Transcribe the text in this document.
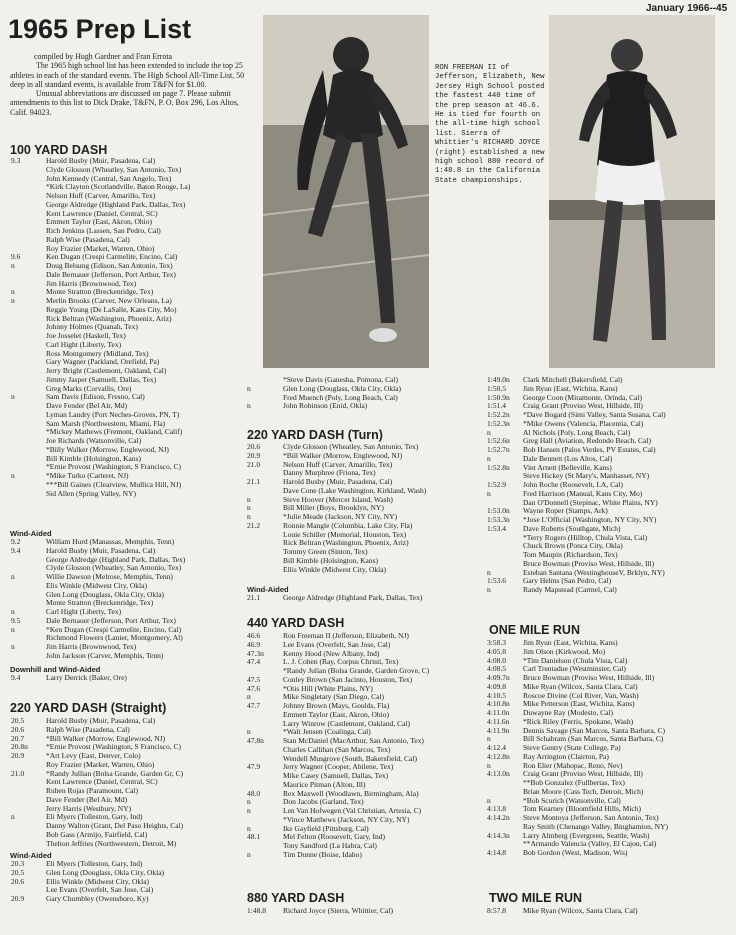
1965 Prep List
January 1966--45

compiled by Hugh Gardner and Fran Errota

The 1965 high school list has been extended to include the top 25 athletes in each of the standard events. The High School All-Time List, 50 deep in all standard events, is available from T&FN for $1.00.

Unusual abbreviations are discussed on page 7. Please submit amendments to this list to Dick Drake, T&FN, P. O. Box 296, Los Altos, Calif. 94023.

RON FREEMAN II of Jefferson, Elizabeth, New Jersey High School posted the fastest 440 time of the prep season at 46.6. He is tied for fourth on the all-time high school list. Sierra of Whittier's RICHARD JOYCE (right) established a new high school 880 record of 1:48.8 in the California State championships.
100 YARD DASH
9.3	Harold Busby (Muir, Pasadena, Cal)
Clyde Glosson (Wheatley, San Antonio, Tex)
John Kennedy (Central, San Angelo, Tex)
*Kirk Clayton (Scotlandville, Baton Rouge, La)
Nelson Huff (Carver, Amarillo, Tex)
George Aldredge (Highland Park, Dallas, Tex)
Kent Lawrence (Daniel, Central, SC)
Emmett Taylor (East, Akron, Ohio)
Rich Jenkins (Lassen, San Pedro, Cal)
Ralph Wise (Pasadena, Cal)
Roy Frazier (Market, Warren, Ohio)
9.6	Ken Dugan (Crespi Carmelite, Encino, Cal)
n	Doug Belsung (Edison, San Antonio, Tex)
Dale Bernauer (Jefferson, Port Arthur, Tex)
Jim Harris (Brownwood, Tex)
n	Monte Stratton (Breckenridge, Tex)
n	Merlin Brooks (Carver, New Orleans, La)
Reggie Young (De LaSalle, Kans City, Mo)
Rick Beltran (Washington, Phoenix, Ariz)
Johnny Holmes (Quanah, Tex)
Joe Josselet (Haskell, Tex)
Carl Hight (Liberty, Tex)
Ross Montgomery (Midland, Tex)
Gary Wagner (Parkland, Orefield, Pa)
Jerry Bright (Castlemont, Oakland, Cal)
Jimmy Jasper (Samuell, Dallas, Tex)
Greg Marks (Corvallis, Ore)
n	Sam Davis (Edison, Fresno, Cal)
Dave Fender (Bel Air, Md)
Lyman Landry (Port Neches-Groves, PN, T)
Sam Marsh (Northwestern, Miami, Fla)
*Mickey Mathews (Fremont, Oakland, Calif)
Joe Richards (Watsonville, Cal)
*Billy Walker (Morrow, Englewood, NJ)
Bill Kimble (Holsington, Kans)
*Ernie Provost (Washington, S Francisco, C)
n	*Mike Turko (Carteret, NJ)
***Bill Gaines (Clearview, Mullica Hill, NJ)
Sid Allen (Spring Valley, NY)
Wind-Aided
9.2	William Hurd (Manassas, Memphis, Tenn)
9.4	Harold Busby (Muir, Pasadena, Cal)
George Aldredge (Highland Park, Dallas, Tex)
Clyde Glosson (Wheatley, San Antonio, Tex)
n	Willie Dawson (Melrose, Memphis, Tenn)
Elis Winkle (Midwest City, Okla)
Glen Long (Douglass, Okla City, Okla)
Monte Stratton (Breckenridge, Tex)
n	Carl Hight (Liberty, Tex)
9.5	Dale Bernauer (Jefferson, Port Arthur, Tex)
n	*Ken Dugan (Crespi Carmelite, Encino, Cal)
Richmond Flowers (Lanier, Montgomery, Al)
n	Jim Harris (Brownwood, Tex)
John Jackson (Carver, Memphis, Tenn)
Downhill and Wind-Aided
9.4	Larry Derrick (Baker, Ore)
220 YARD DASH (Straight)
20.5	Harold Busby (Muir, Pasadena, Cal)
20.6	Ralph Wise (Pasadena, Cal)
20.7	*Bill Walker (Morrow, Englewood, NJ)
20.8n	*Ernie Provost (Washington, S Francisco, C)
20.9	*Art Levy (East, Denver, Colo)
Roy Frazier (Market, Warren, Ohio)
21.0	*Randy Jullian (Bolsa Grande, Garden Gr, C)
Kent Lawrence (Daniel, Central, SC)
Ruben Rojas (Paramount, Cal)
Dave Fender (Bel Air, Md)
Jerry Harris (Westbury, NY)
n	Eli Myers (Tolleston, Gary, Ind)
Danny Walton (Grant, Del Paso Heights, Cal)
Bob Gass (Armijo, Fairfield, Cal)
Thelton Jeffries (Northwestern, Detroit, M)
Wind-Aided
20.3	Eli Myers (Tolleston, Gary, Ind)
20.5	Glen Long (Douglass, Okla City, Okla)
20.6	Ellis Winkle (Midwest City, Okla)
Lee Evans (Overfelt, San Jose, Cal)
20.9	Gary Chumbley (Owensboro, Ky)
*Steve Davis (Ganesha, Pomona, Cal)
n	Glen Long (Douglass, Okla City, Okla)
Fred Muench (Poly, Long Beach, Cal)
n	John Robinson (Enid, Okla)
220 YARD DASH (Turn)
20.6	Clyde Glosson (Wheatley, San Antonio, Tex)
20.9	*Bill Walker (Morrow, Englewood, NJ)
21.0	Nelson Huff (Carver, Amarillo, Tex)
Danny Murphree (Friona, Tex)
21.1	Harold Busby (Muir, Pasadena, Cal)
Dave Cone (Lake Washington, Kirkland, Wash)
n	Steve Hoover (Mercer Island, Wash)
n	Bill Miller (Boys, Brooklyn, NY)
n	*Julie Meade (Jackson, NY City, NY)
21.2	Ronnie Mangle (Columbia, Lake City, Fla)
Louie Schiller (Memorial, Houston, Tex)
Rick Beltran (Washington, Phoenix, Ariz)
Tommy Green (Sinton, Tex)
Bill Kimble (Holsington, Kans)
Ellis Winkle (Midwest City, Okla)
Wind-Aided
21.1	George Aldredge (Highland Park, Dallas, Tex)
440 YARD DASH
46.6	Ron Freeman II (Jefferson, Elizabeth, NJ)
46.9	Lee Evans (Overfelt, San Jose, Cal)
47.3n	Kenny Hood (New Albany, Ind)
47.4	L. J. Cohen (Ray, Corpus Christi, Tex)
*Randy Julian (Bolsa Grande, Garden Grove, C)
47.5	Conley Brown (San Jacinto, Houston, Tex)
47.6	*Otis Hill (White Plains, NY)
n	Mike Singletary (San Diego, Cal)
47.7	Johnny Brown (Mays, Goulds, Fla)
Emmett Taylor (East, Akron, Ohio)
Larry Winrow (Castlemont, Oakland, Cal)
n	*Walt Jensen (Coalinga, Cal)
47.8n	Stan McDaniel (MacArthur, San Antonio, Tex)
Charles Callihan (San Marcos, Tex)
Wendell Musgrove (South, Bakersfield, Cal)
47.9	Jerry Wagner (Cooper, Abilene, Tex)
Mike Casey (Samuell, Dallas, Tex)
Maurice Pitman (Alton, Ill)
48.0	Rex Maxwell (Woodlawn, Birmingham, Ala)
n	Don Jacobs (Garland, Tex)
n	Len Van Hofwegen (Val Christian, Artesia, C)
*Vince Matthews (Jackson, NY City, NY)
n	Ike Gayfield (Pittsburg, Cal)
48.1	Mel Felton (Roosevelt, Gary, Ind)
Tony Sandford (La Habra, Cal)
n	Tim Dunne (Boise, Idaho)
880 YARD DASH
1:48.8	Richard Joyce (Sierra, Whittier, Cal)
1:49.0n	Clark Mitchell (Bakersfield, Cal)
1:50.5	Jim Ryun (East, Wichita, Kans)
1:50.9n	George Coon (Miramonte, Orinda, Cal)
1:51.4	Craig Grant (Proviso West, Hillside, Ill)
1:52.2n	*Dave Bogard (Simi Valley, Santa Susana, Cal)
1:52.3n	*Mike Owens (Valencia, Placentia, Cal)
n	Al Nichols (Poly, Long Beach, Cal)
1:52.6n	Greg Hall (Aviation, Redondo Beach, Cal)
1:52.7n	Bob Hansen (Palos Verdes, PV Estates, Cal)
n	Dale Bennett (Los Altos, Cal)
1:52.8n	Vint Arnett (Belleville, Kans)
Steve Hickey (St Mary's, Manhasset, NY)
1:52.9	John Roche (Roosevelt, LA, Cal)
n	Fred Harrison (Manual, Kans City, Mo)
Dan O'Donnell (Stepinac, White Plains, NY)
1:53.0n	Wayne Roper (Stamps, Ark)
1:53.3n	*Jose L'Official (Washington, NY City, NY)
1:53.4	Dave Roberts (Southgate, Mich)
*Terry Rogers (Hilltop, Chula Vista, Cal)
Chuck Brown (Ponca City, Okla)
Tom Maupin (Richardson, Tex)
Bruce Bowman (Proviso West, Hillside, Ill)
n	Esteban Santana (WestinghouseV, Brklyn, NY)
1:53.6	Gary Helms (San Pedro, Cal)
n	Randy Mapstead (Carmel, Cal)
ONE MILE RUN
3:58.3	Jim Ryun (East, Wichita, Kans)
4:05.8	Jim Olson (Kirkwood, Mo)
4:08.0	*Tim Danielson (Chula Vista, Cal)
4:08.5	Carl Trentadue (Westminster, Cal)
4:09.7n	Bruce Bowman (Proviso West, Hillside, Ill)
4:09.8	Mike Ryan (Wilcox, Santa Clara, Cal)
4:10.5	Roscoe Divine (Col River, Van, Wash)
4:10.8n	Mike Petterson (East, Wichita, Kans)
4:11.0n	Duwayne Ray (Modesto, Cal)
4:11.6n	*Rick Riley (Ferris, Spokane, Wash)
4:11.9n	Dennis Savage (San Marcos, Santa Barbara, C)
n	Bill Schabram (San Marcos, Santa Barbara, C)
4:12.4	Steve Gentry (State College, Pa)
4:12.8n	Ray Arrington (Clairton, Pa)
n	Ron Elier (Mahopac, Reno, Nev)
4:13.0n	Craig Grant (Proviso West, Hillside, Ill)
**Bob Gonzalez (Fullbertas, Tex)
Brian Moore (Cass Tech, Detroit, Mich)
n	*Bob Scurich (Watsonville, Cal)
4:13.8	Tom Kearney (Bloomfield Hills, Mich)
4:14.2n	Steve Montoya (Jefferson, San Antonio, Tex)
Ray Smith (Chenango Valley, Binghamton, NY)
4:14.3n	Larry Almberg (Evergreen, Seattle, Wash)
**Armando Valencia (Valley, El Cajon, Cal)
4:14.8	Bob Gordon (West, Madison, Wis)
TWO MILE RUN
8:57.8	Mike Ryan (Wilcox, Santa Clara, Cal)
